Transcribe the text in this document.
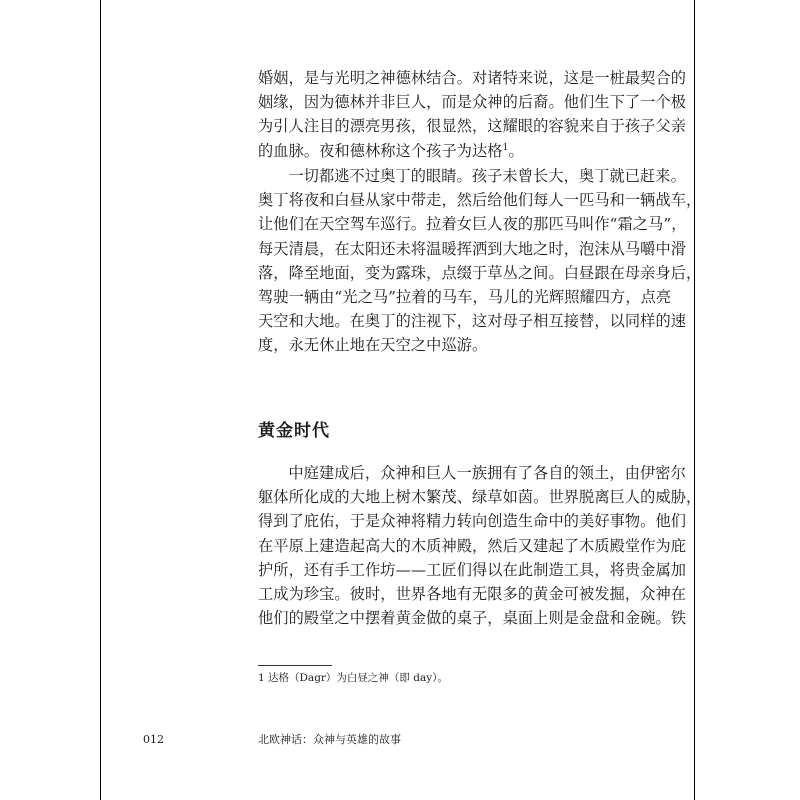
婚姻，是与光明之神德林结合。对诸特来说，这是一桩最契合的
姻缘，因为德林并非巨人，而是众神的后裔。他们生下了一个极
为引人注目的漂亮男孩，很显然，这耀眼的容貌来自于孩子父亲
的血脉。夜和德林称这个孩子为达格$^1$。
一切都逃不过奥丁的眼睛。孩子未曾长大，奥丁就已赶来。
奥丁将夜和白昼从家中带走，然后给他们每人一匹马和一辆战车，
让他们在天空驾车巡行。拉着女巨人夜的那匹马叫作“霜之马”，
每天清晨，在太阳还未将温暖挥洒到大地之时，泡沫从马嚼中滑
落，降至地面，变为露珠，点缀于草丛之间。白昼跟在母亲身后，
驾驶一辆由“光之马”拉着的马车，马儿的光辉照耀四方，点亮
天空和大地。在奥丁的注视下，这对母子相互接替，以同样的速
度，永无休止地在天空之中巡游。
黄金时代
中庭建成后，众神和巨人一族拥有了各自的领土，由伊密尔
躯体所化成的大地上树木繁茂、绿草如茵。世界脱离巨人的威胁，
得到了庇佑，于是众神将精力转向创造生命中的美好事物。他们
在平原上建造起高大的木质神殿，然后又建起了木质殿堂作为庇
护所，还有手工作坊——工匠们得以在此制造工具，将贵金属加
工成为珍宝。彼时，世界各地有无限多的黄金可被发掘，众神在
他们的殿堂之中摆着黄金做的桌子，桌面上则是金盘和金碗。铁
1 达格（Dagr）为白昼之神（即 day）。
012	北欧神话：众神与英雄的故事
